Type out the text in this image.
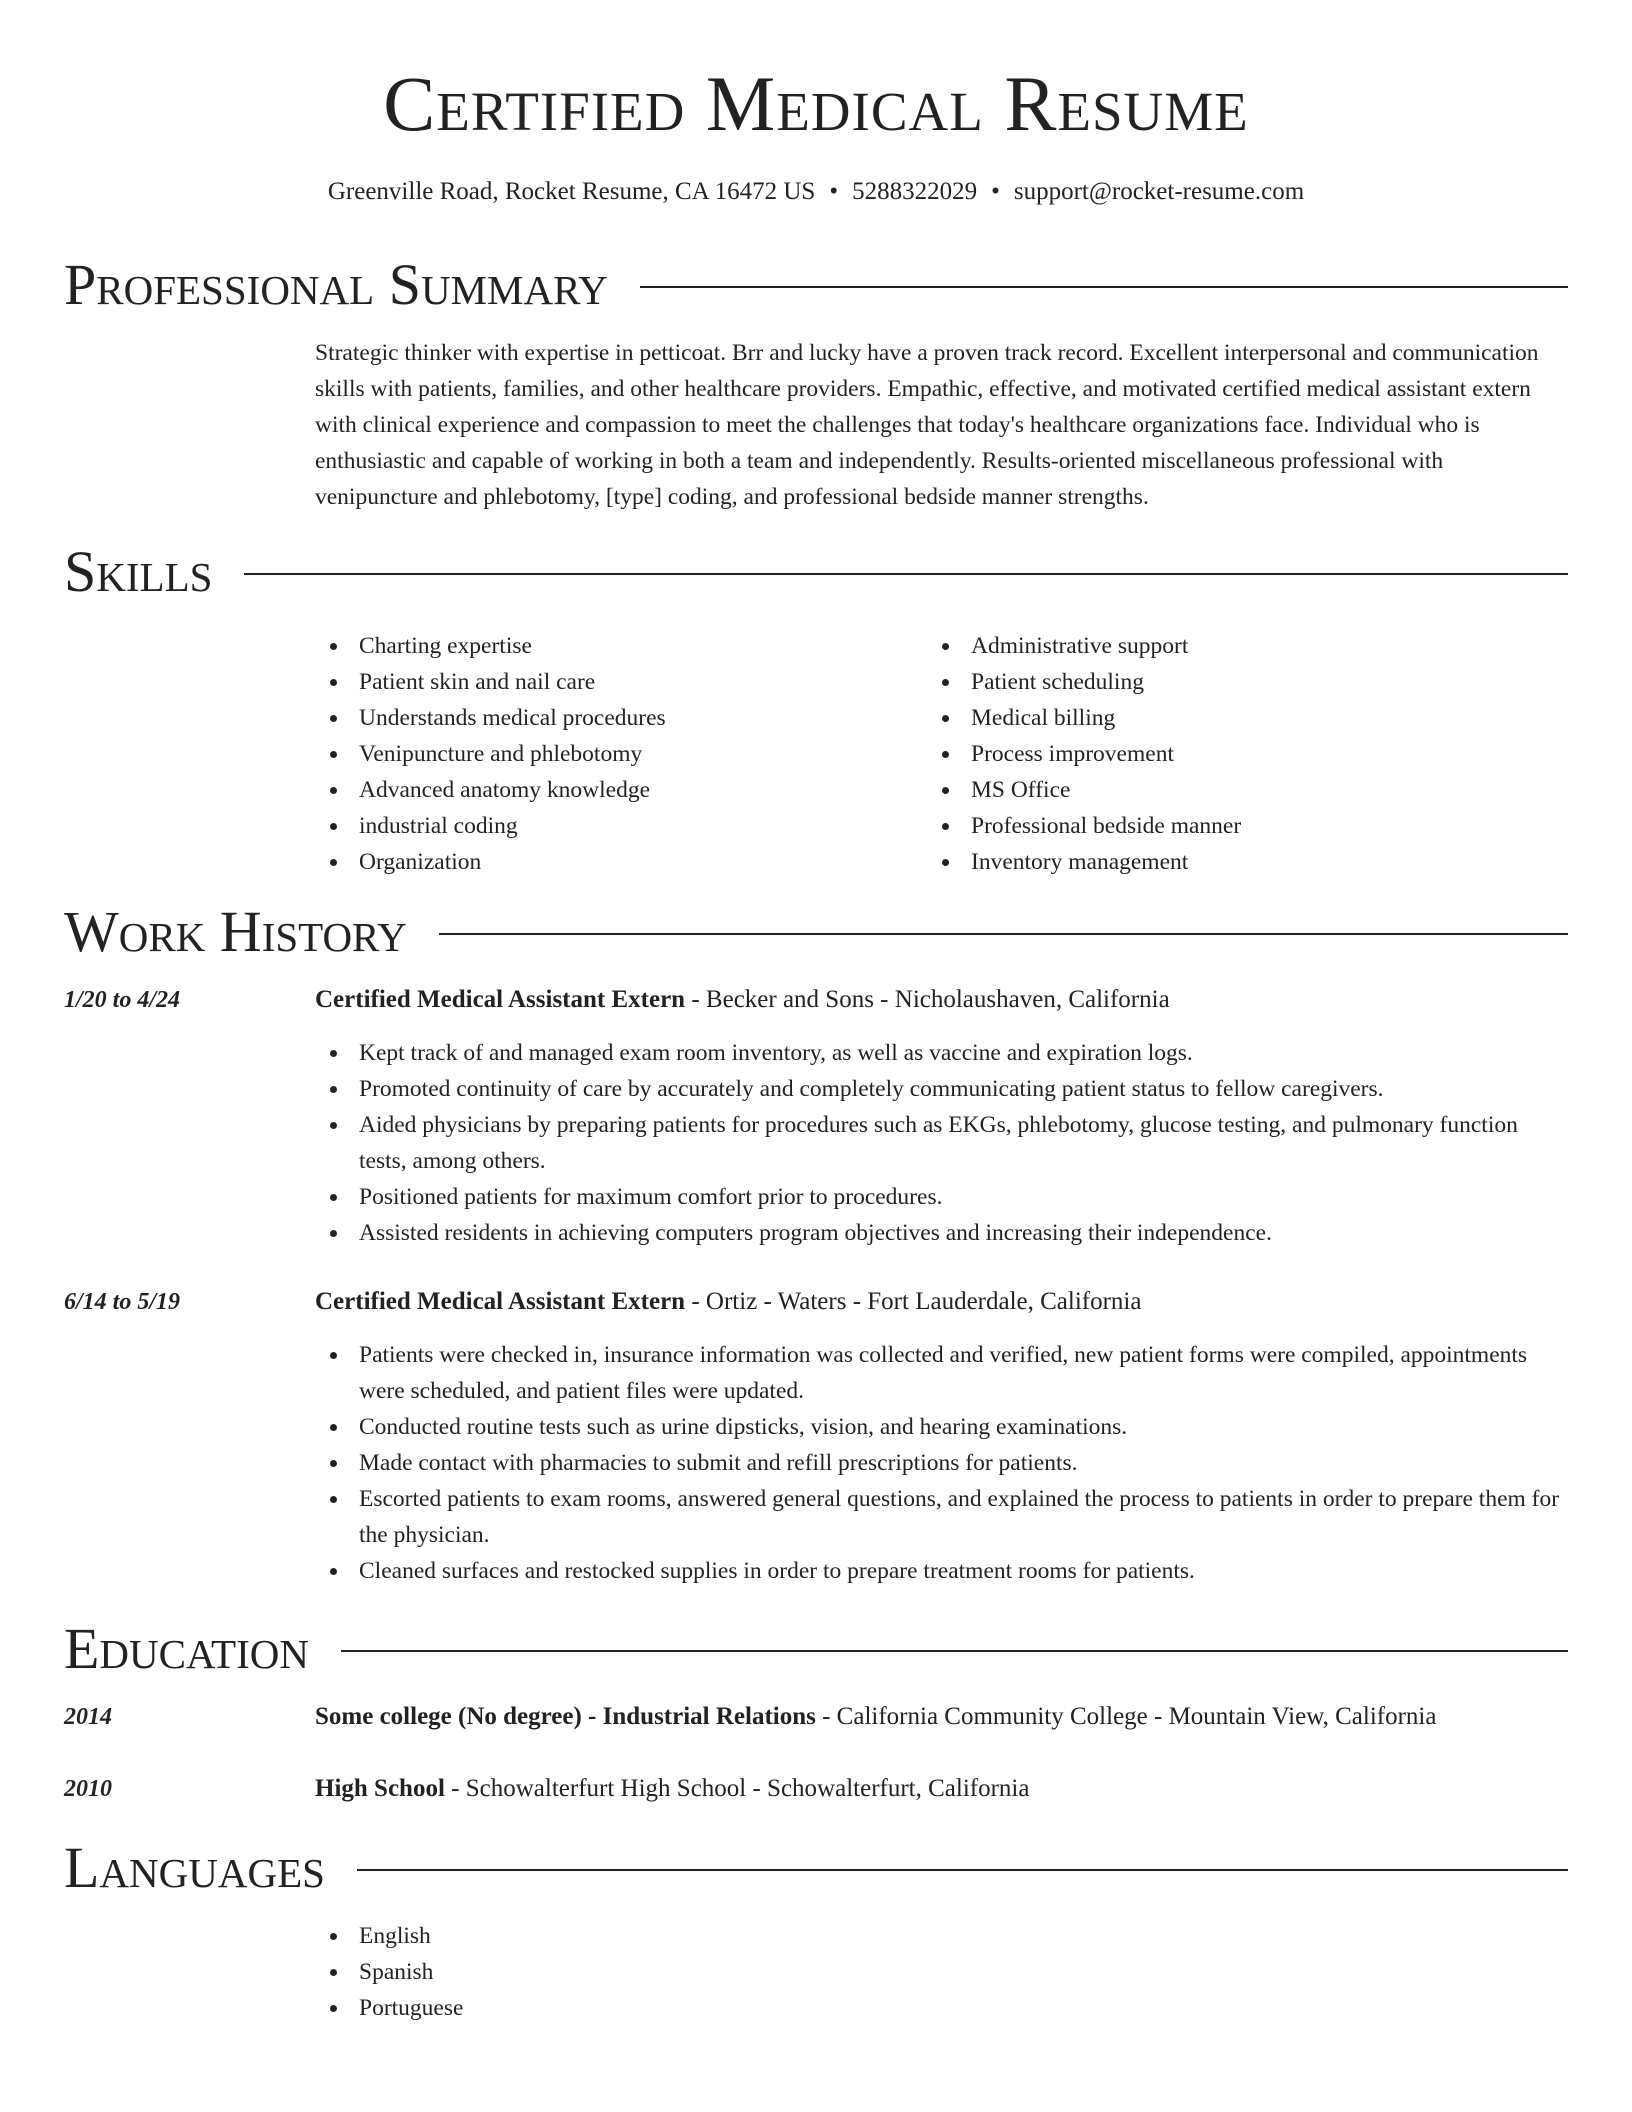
Certified Medical Resume
Greenville Road, Rocket Resume, CA 16472 US • 5288322029 • support@rocket-resume.com
Professional Summary
Strategic thinker with expertise in petticoat. Brr and lucky have a proven track record. Excellent interpersonal and communication skills with patients, families, and other healthcare providers. Empathic, effective, and motivated certified medical assistant extern with clinical experience and compassion to meet the challenges that today's healthcare organizations face. Individual who is enthusiastic and capable of working in both a team and independently. Results-oriented miscellaneous professional with venipuncture and phlebotomy, [type] coding, and professional bedside manner strengths.
Skills
Charting expertise
Patient skin and nail care
Understands medical procedures
Venipuncture and phlebotomy
Advanced anatomy knowledge
industrial coding
Organization
Administrative support
Patient scheduling
Medical billing
Process improvement
MS Office
Professional bedside manner
Inventory management
Work History
1/20 to 4/24	Certified Medical Assistant Extern - Becker and Sons - Nicholaushaven, California
Kept track of and managed exam room inventory, as well as vaccine and expiration logs.
Promoted continuity of care by accurately and completely communicating patient status to fellow caregivers.
Aided physicians by preparing patients for procedures such as EKGs, phlebotomy, glucose testing, and pulmonary function tests, among others.
Positioned patients for maximum comfort prior to procedures.
Assisted residents in achieving computers program objectives and increasing their independence.
6/14 to 5/19	Certified Medical Assistant Extern - Ortiz - Waters - Fort Lauderdale, California
Patients were checked in, insurance information was collected and verified, new patient forms were compiled, appointments were scheduled, and patient files were updated.
Conducted routine tests such as urine dipsticks, vision, and hearing examinations.
Made contact with pharmacies to submit and refill prescriptions for patients.
Escorted patients to exam rooms, answered general questions, and explained the process to patients in order to prepare them for the physician.
Cleaned surfaces and restocked supplies in order to prepare treatment rooms for patients.
Education
2014	Some college (No degree) - Industrial Relations - California Community College - Mountain View, California
2010	High School - Schowalterfurt High School - Schowalterfurt, California
Languages
English
Spanish
Portuguese
